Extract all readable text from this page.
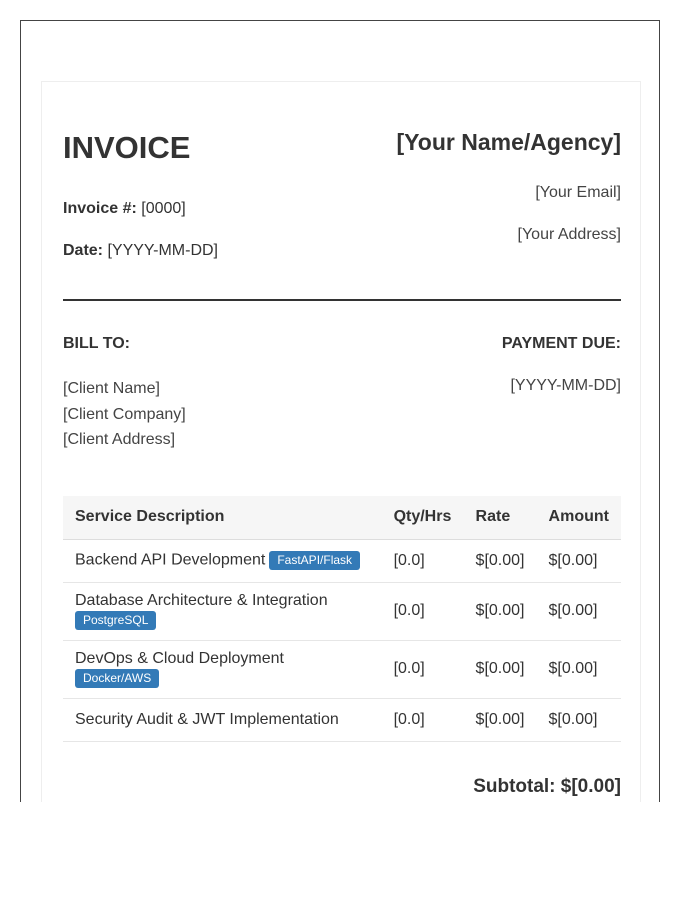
INVOICE
Invoice #: [0000]
Date: [YYYY-MM-DD]
[Your Name/Agency]
[Your Email]
[Your Address]
BILL TO:
[Client Name]
[Client Company]
[Client Address]
PAYMENT DUE:
[YYYY-MM-DD]
Service Description	Qty/Hrs	Rate	Amount
Backend API Development FastAPI/Flask	[0.0]	$[0.00]	$[0.00]

Database Architecture & Integration
PostgreSQL	[0.0]	$[0.00]	$[0.00]

DevOps & Cloud Deployment
Docker/AWS	[0.0]	$[0.00]	$[0.00]
Security Audit & JWT Implementation	[0.0]	$[0.00]	$[0.00]
Subtotal: $[0.00]
